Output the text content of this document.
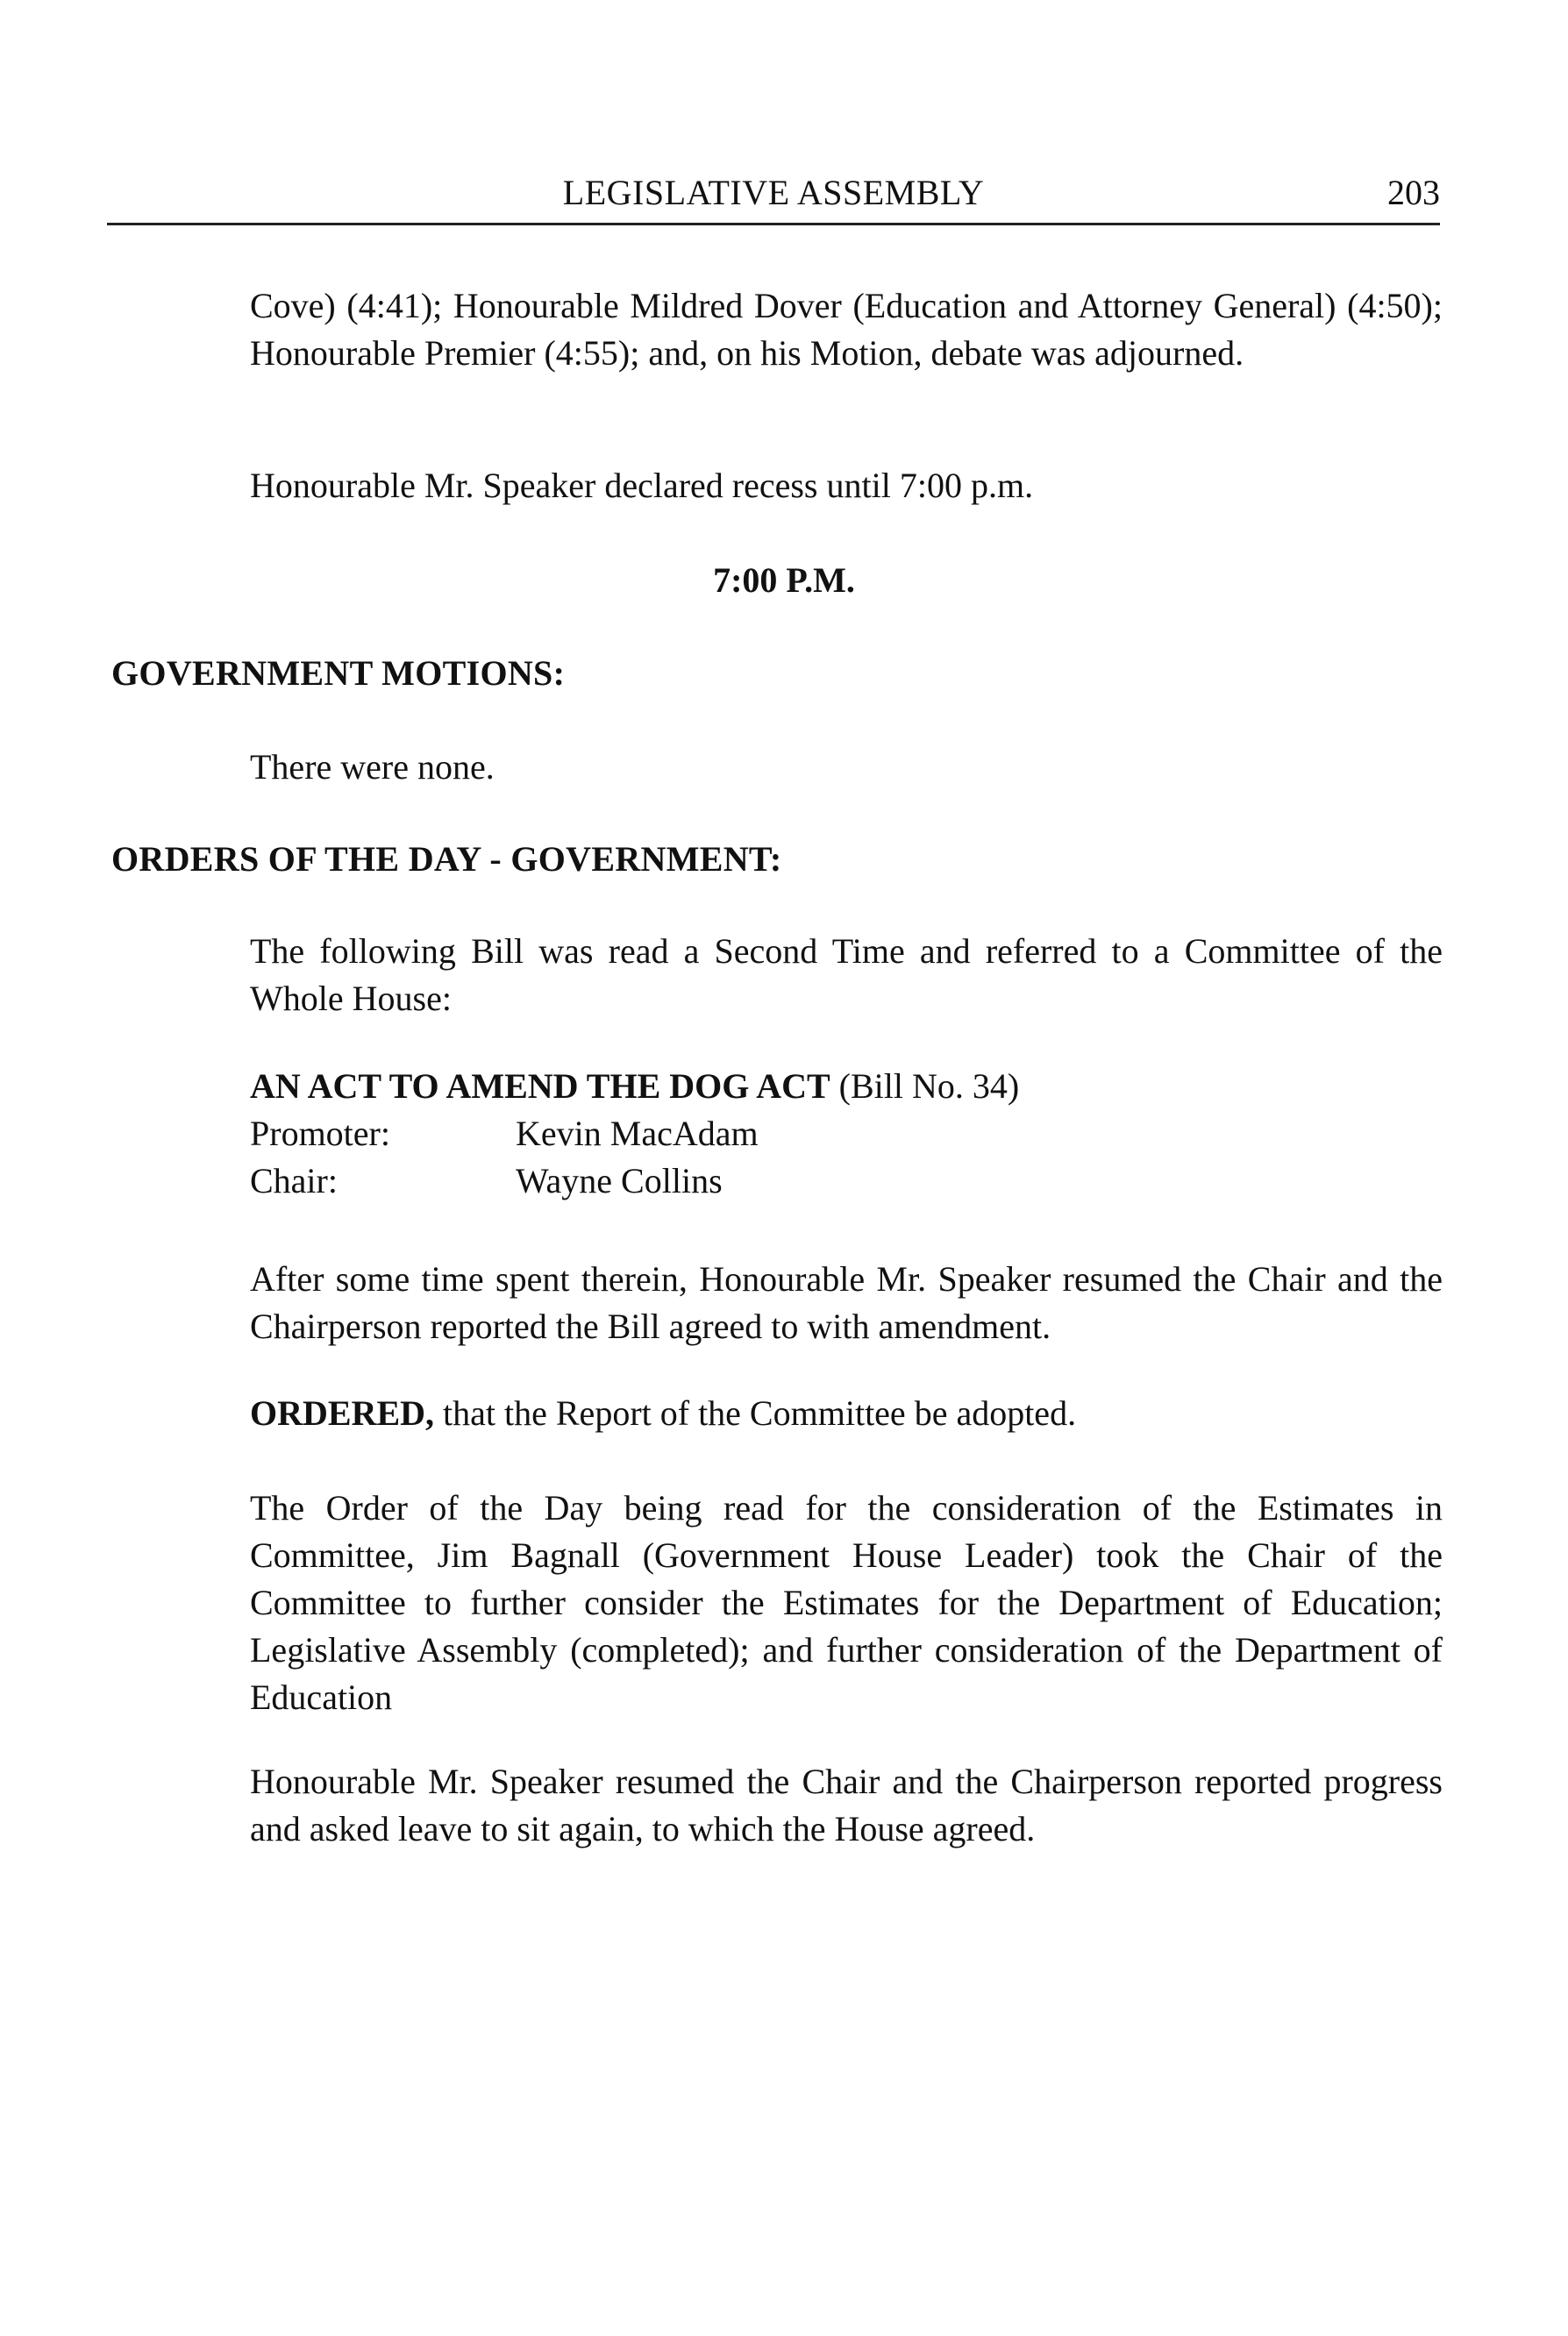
LEGISLATIVE ASSEMBLY	203

Cove) (4:41); Honourable Mildred Dover (Education and Attorney General) (4:50); Honourable Premier (4:55); and, on his Motion, debate was adjourned.

Honourable Mr. Speaker declared recess until 7:00 p.m.

7:00 P.M.
GOVERNMENT MOTIONS:

There were none.

ORDERS OF THE DAY - GOVERNMENT:

The following Bill was read a Second Time and referred to a Committee of the Whole House:

AN ACT TO AMEND THE DOG ACT (Bill No. 34)
Promoter:	Kevin MacAdam
Chair:	Wayne Collins

After some time spent therein, Honourable Mr. Speaker resumed the Chair and the Chairperson reported the Bill agreed to with amendment.

ORDERED, that the Report of the Committee be adopted.

The Order of the Day being read for the consideration of the Estimates in Committee, Jim Bagnall (Government House Leader) took the Chair of the Committee to further consider the Estimates for the Department of Education; Legislative Assembly (completed); and further consideration of the Department of Education

Honourable Mr. Speaker resumed the Chair and the Chairperson reported progress and asked leave to sit again, to which the House agreed.
